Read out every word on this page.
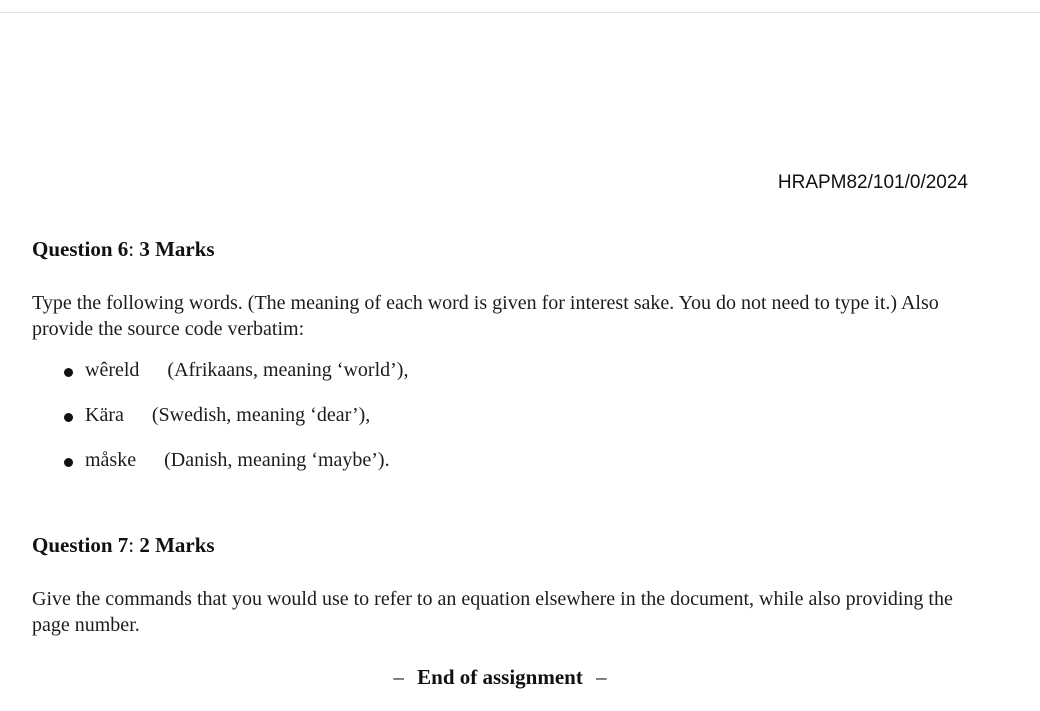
HRAPM82/101/0/2024
Question 6: 3 Marks
Type the following words. (The meaning of each word is given for interest sake. You do not need to type it.) Also provide the source code verbatim:
wêreld (Afrikaans, meaning ‘world’),
Kära (Swedish, meaning ‘dear’),
måske (Danish, meaning ‘maybe’).
Question 7: 2 Marks
Give the commands that you would use to refer to an equation elsewhere in the document, while also providing the page number.
– End of assignment –
